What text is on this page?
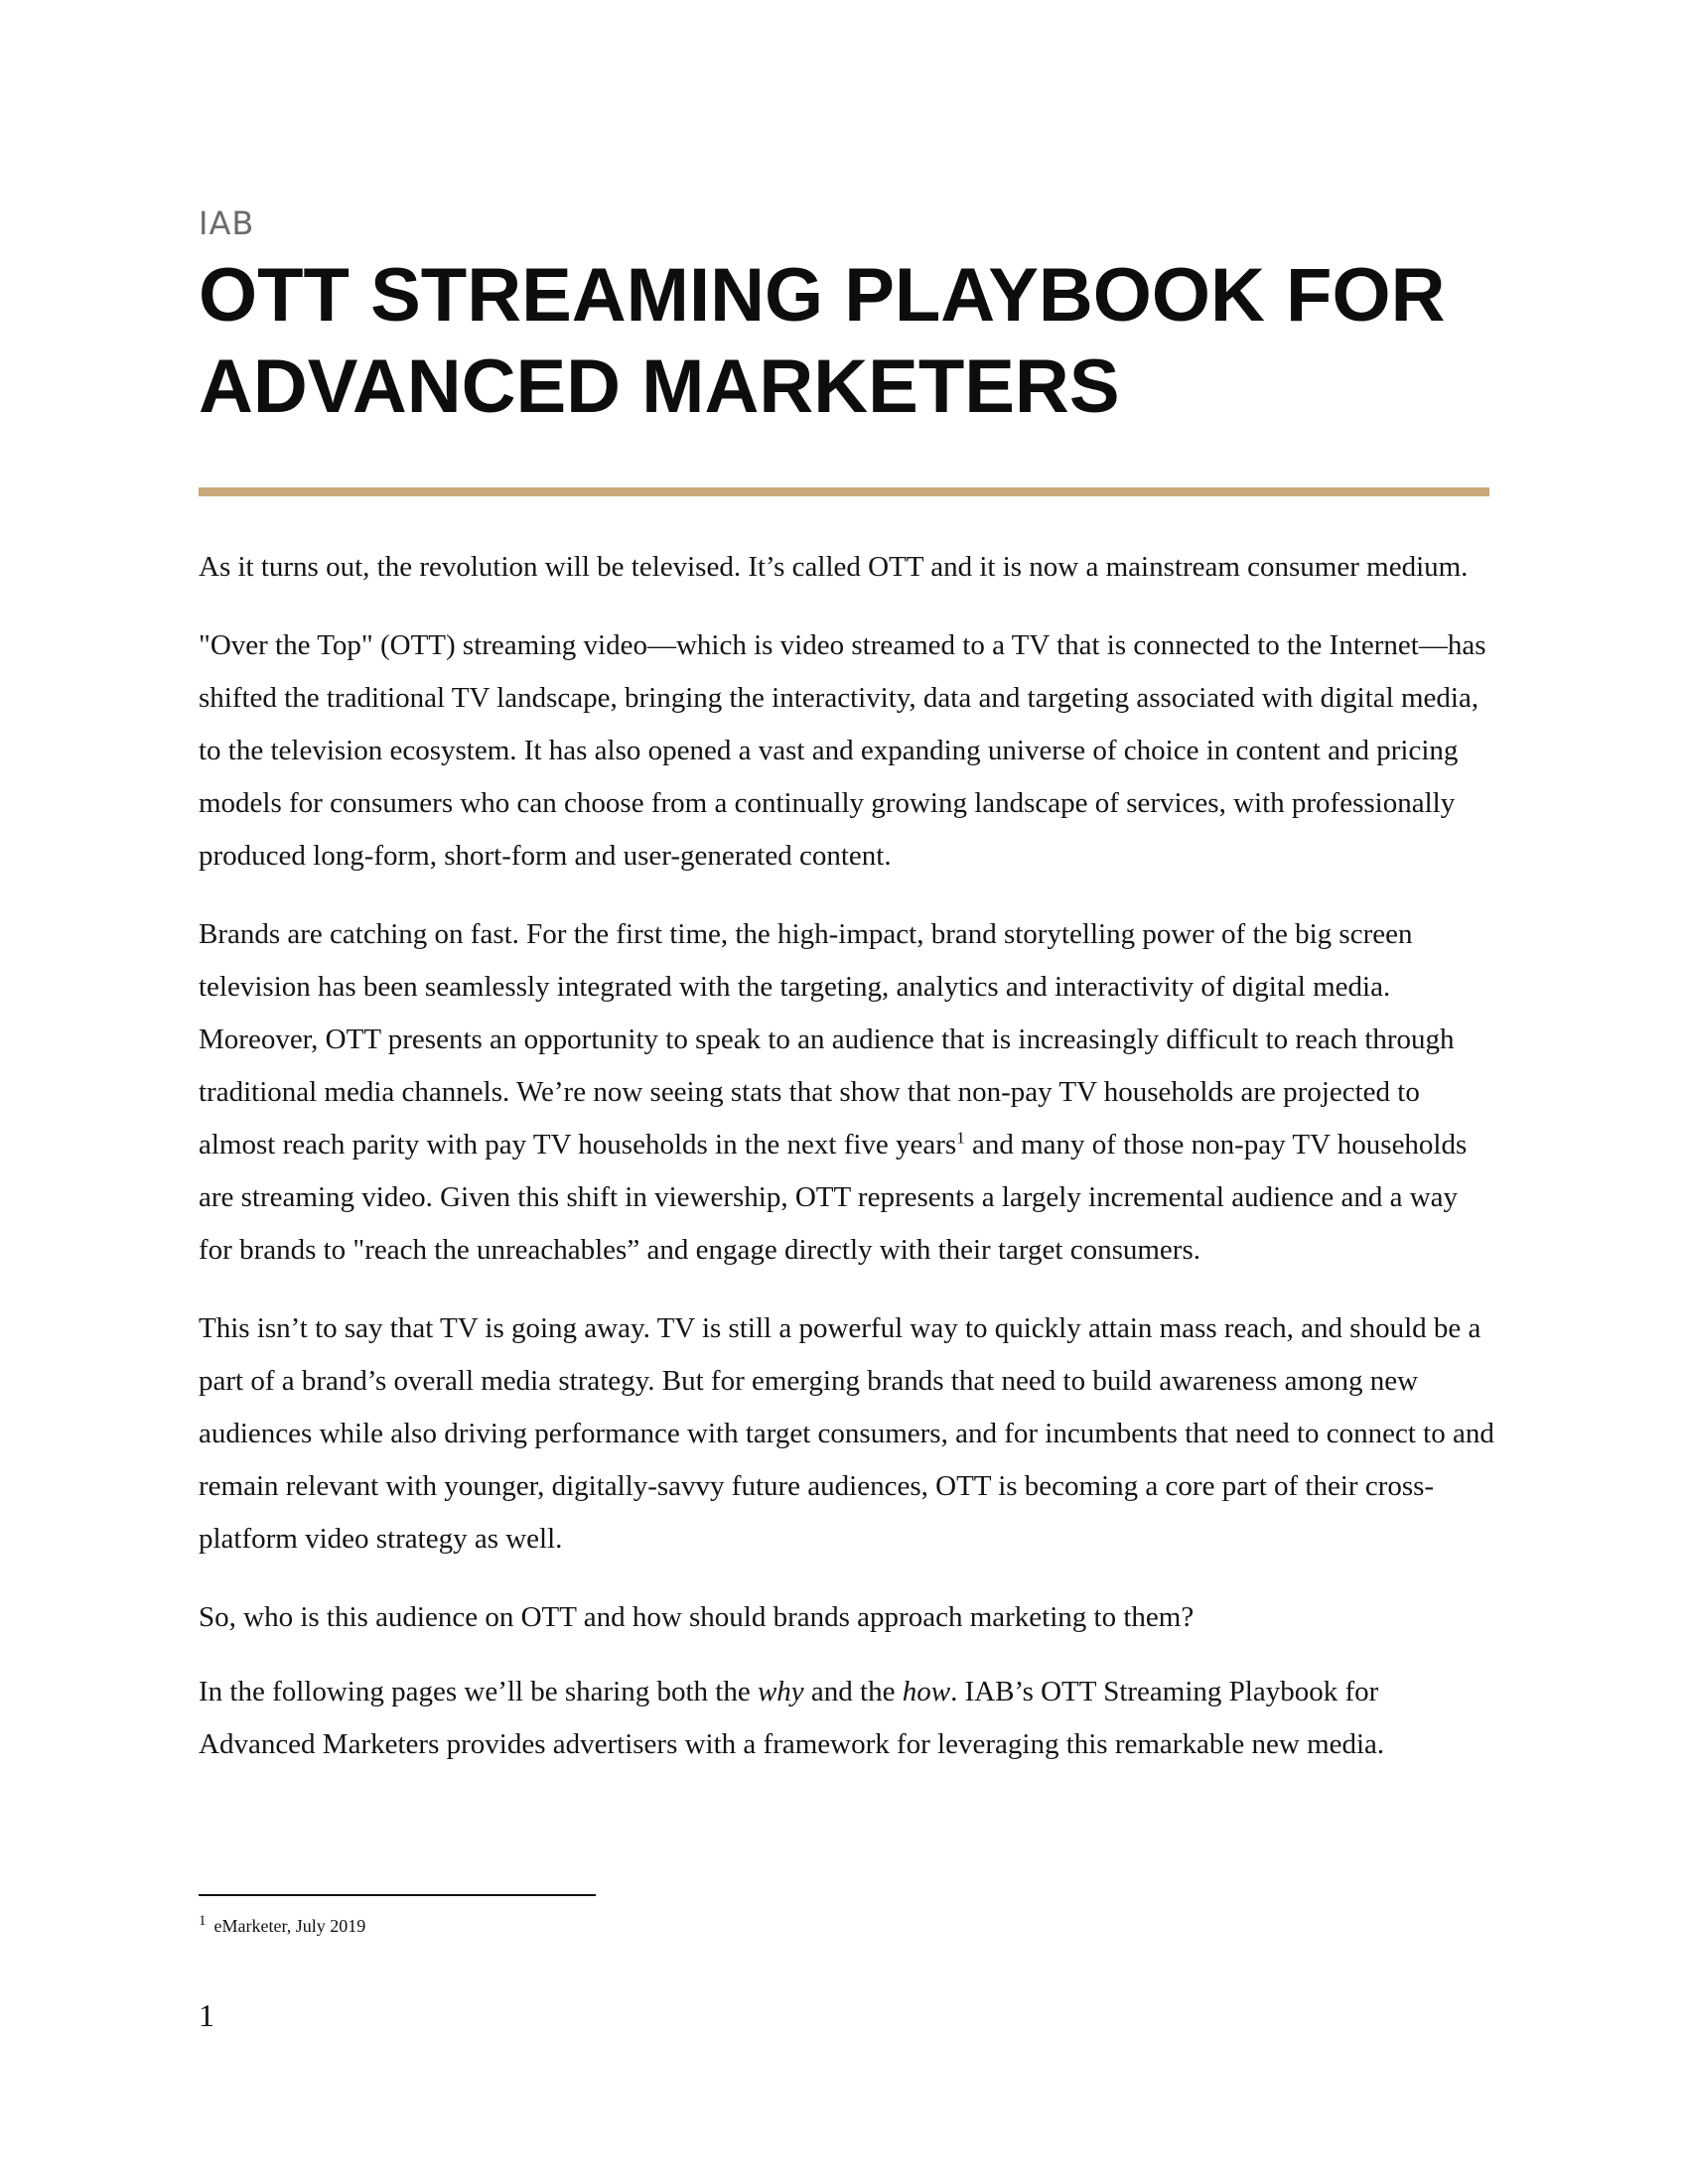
IAB
OTT STREAMING PLAYBOOK FOR
ADVANCED MARKETERS

As it turns out, the revolution will be televised. It’s called OTT and it is now a mainstream consumer medium.

"Over the Top" (OTT) streaming video—which is video streamed to a TV that is connected to the Internet—has shifted the traditional TV landscape, bringing the interactivity, data and targeting associated with digital media, to the television ecosystem. It has also opened a vast and expanding universe of choice in content and pricing models for consumers who can choose from a continually growing landscape of services, with professionally produced long-form, short-form and user-generated content.

Brands are catching on fast. For the first time, the high-impact, brand storytelling power of the big screen television has been seamlessly integrated with the targeting, analytics and interactivity of digital media. Moreover, OTT presents an opportunity to speak to an audience that is increasingly difficult to reach through traditional media channels. We’re now seeing stats that show that non-pay TV households are projected to almost reach parity with pay TV households in the next five years$^1$ and many of those non-pay TV households are streaming video. Given this shift in viewership, OTT represents a largely incremental audience and a way for brands to "reach the unreachables” and engage directly with their target consumers.

This isn’t to say that TV is going away. TV is still a powerful way to quickly attain mass reach, and should be a part of a brand’s overall media strategy. But for emerging brands that need to build awareness among new audiences while also driving performance with target consumers, and for incumbents that need to connect to and remain relevant with younger, digitally-savvy future audiences, OTT is becoming a core part of their cross-platform video strategy as well.

So, who is this audience on OTT and how should brands approach marketing to them?

In the following pages we’ll be sharing both the why and the how. IAB’s OTT Streaming Playbook for Advanced Marketers provides advertisers with a framework for leveraging this remarkable new media.

$^1$ eMarketer, July 2019
1
